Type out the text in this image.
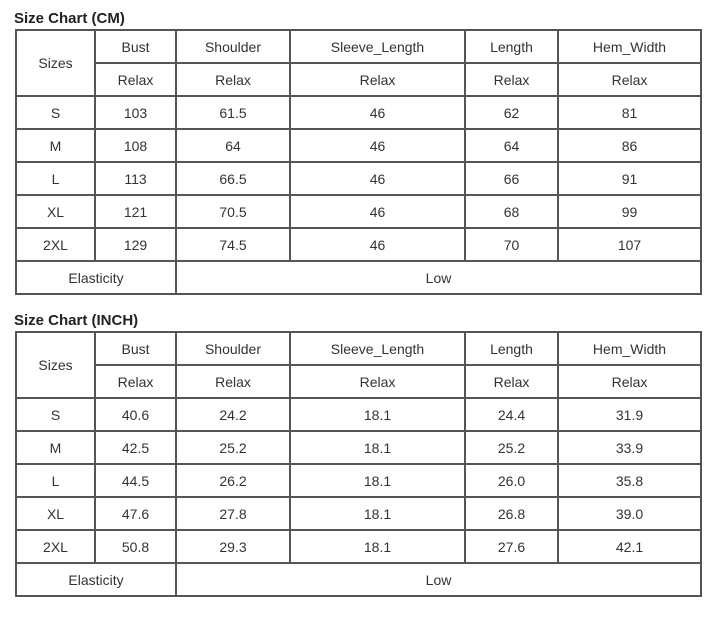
Size Chart (CM)
Sizes	Bust	Shoulder	Sleeve_Length	Length	Hem_Width
	Relax	Relax	Relax	Relax	Relax
S	103	61.5	46	62	81
M	108	64	46	64	86
L	113	66.5	46	66	91
XL	121	70.5	46	68	99
2XL	129	74.5	46	70	107
Elasticity		Low			
Size Chart (INCH)
Sizes	Bust	Shoulder	Sleeve_Length	Length	Hem_Width
	Relax	Relax	Relax	Relax	Relax
S	40.6	24.2	18.1	24.4	31.9
M	42.5	25.2	18.1	25.2	33.9
L	44.5	26.2	18.1	26.0	35.8
XL	47.6	27.8	18.1	26.8	39.0
2XL	50.8	29.3	18.1	27.6	42.1
Elasticity		Low			
